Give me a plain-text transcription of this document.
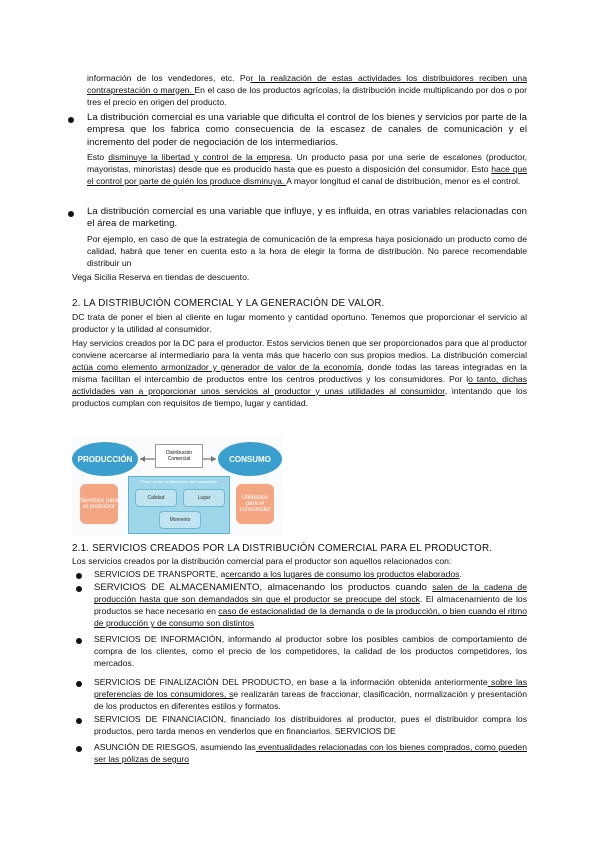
información de los vendedores, etc. Por la realización de estas actividades los distribuidores reciben una contraprestación o margen. En el caso de los productos agrícolas, la distribución incide multiplicando por dos o por tres el precio en origen del producto.
La distribución comercial es una variable que dificulta el control de los bienes y servicios por parte de la empresa que los fabrica como consecuencia de la escasez de canales de comunicación y el incremento del poder de negociación de los intermediarios.
Esto disminuye la libertad y control de la empresa. Un producto pasa por una serie de escalones (productor, mayoristas, minoristas) desde que es producido hasta que es puesto a disposición del consumidor. Esto hace que el control por parte de quién los produce disminuya. A mayor longitud el canal de distribución, menor es el control.
La distribución comercial es una variable que influye, y es influida, en otras variables relacionadas con el área de marketing.
Por ejemplo, en caso de que la estrategia de comunicación de la empresa haya posicionado un producto como de calidad, habrá que tener en cuenta esto a la hora de elegir la forma de distribución. No parece recomendable distribuir un
Vega Sicilia Reserva en tiendas de descuento.
2. LA DISTRIBUCIÓN COMERCIAL Y LA GENERACIÓN DE VALOR.
DC trata de poner el bien al cliente en lugar momento y cantidad oportuno. Tenemos que proporcionar el servicio al productor y la utilidad al consumidor.
Hay servicios creados por la DC para el productor. Estos servicios tienen que ser proporcionados para que al productor conviene acercarse al intermediario para la venta más que hacerlo con sus propios medios. La distribución comercial actúa como elemento armonizador y generador de valor de la economía, donde todas las tareas integradas en la misma facilitan el intercambio de productos entre los centros productivos y los consumidores. Por lo tanto, dichas actividades van a proporcionar unos servicios al productor y unas utilidades al consumidor, intentando que los productos cumplan con requisitos de tiempo, lugar y cantidad.
PRODUCCIÓN	CONSUMO
Distribución Comercial
Poner el bien a disposición del consumidor
Calidad	Lugar
Momento
Servicios para el productor
Utilidades para el consumidor
2.1. SERVICIOS CREADOS POR LA DISTRIBUCIÓN COMERCIAL PARA EL PRODUCTOR.
Los servicios creados por la distribución comercial para el productor son aquellos relacionados con:
SERVICIOS DE TRANSPORTE, acercando a los lugares de consumo los productos elaborados.
SERVICIOS DE ALMACENAMIENTO, almacenando los productos cuando salen de la cadena de producción hasta que son demandados sin que el productor se preocupe del stock. El almacenamiento de los productos se hace necesario en caso de estacionalidad de la demanda o de la producción, o bien cuando el ritmo de producción y de consumo son distintos
SERVICIOS DE INFORMACIÓN, informando al productor sobre los posibles cambios de comportamiento de compra de los clientes, como el precio de los competidores, la calidad de los productos competidores, los mercados.
SERVICIOS DE FINALIZACIÓN DEL PRODUCTO, en base a la información obtenida anteriormente sobre las preferencias de los consumidores, se realizarán tareas de fraccionar, clasificación, normalización y presentación de los productos en diferentes estilos y formatos.
SERVICIOS DE FINANCIACIÓN, financiado los distribuidores al productor, pues el distribuidor compra los productos, pero tarda menos en venderlos que en financiarlos. SERVICIOS DE
ASUNCIÓN DE RIESGOS, asumiendo las eventualidades relacionadas con los bienes comprados, como pueden ser las pólizas de seguro
